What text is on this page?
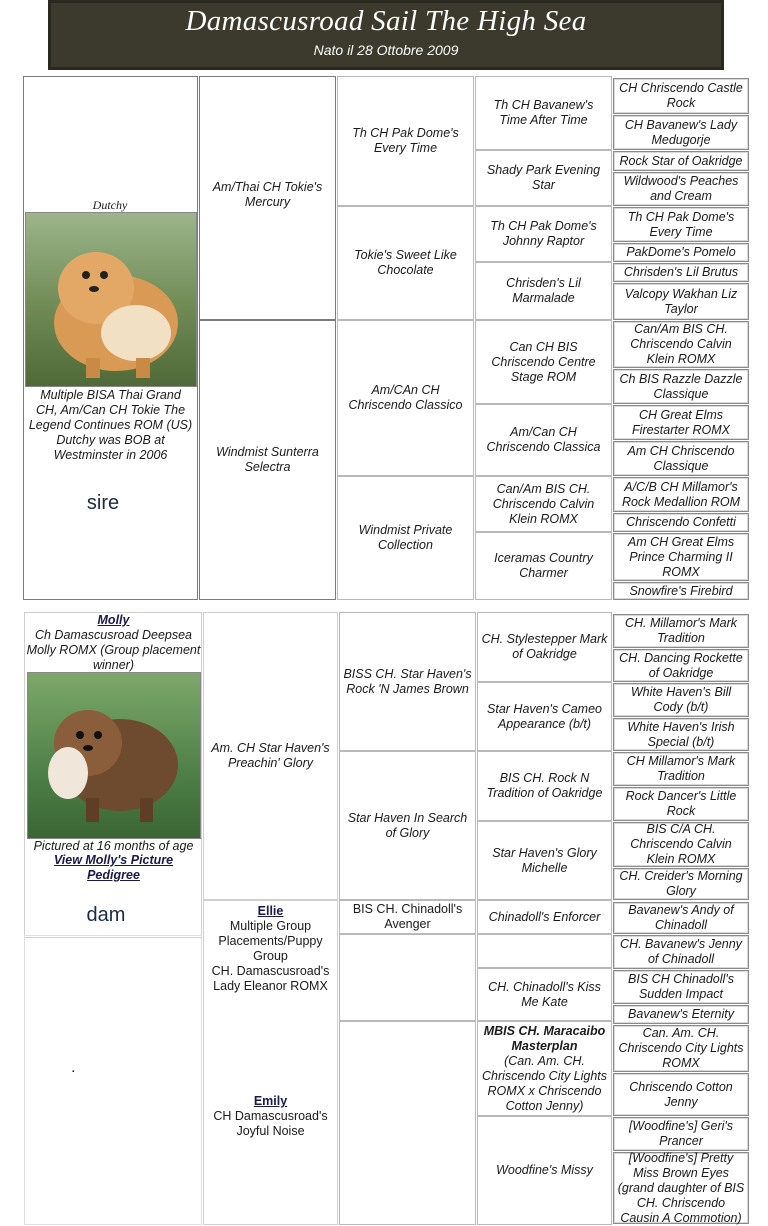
Damascusroad Sail The High Sea
Nato il 28 Ottobre 2009
Dutchy
Multiple BISA Thai Grand CH, Am/Can CH Tokie The Legend Continues ROM (US) Dutchy was BOB at Westminster in 2006
sire
Am/Thai CH Tokie's Mercury
Windmist Sunterra Selectra
Th CH Pak Dome's Every Time
Tokie's Sweet Like Chocolate
Am/CAn CH Chriscendo Classico
Windmist Private Collection
Th CH Bavanew's Time After Time
Shady Park Evening Star
Th CH Pak Dome's Johnny Raptor
Chrisden's Lil Marmalade
Can CH BIS Chriscendo Centre Stage ROM
Am/Can CH Chriscendo Classica
Can/Am BIS CH. Chriscendo Calvin Klein ROMX
Iceramas Country Charmer
CH Chriscendo Castle Rock
CH Bavanew's Lady Medugorje
Rock Star of Oakridge
Wildwood's Peaches and Cream
Th CH Pak Dome's Every Time
PakDome's Pomelo
Chrisden's Lil Brutus
Valcopy Wakhan Liz Taylor
Can/Am BIS CH. Chriscendo Calvin Klein ROMX
Ch BIS Razzle Dazzle Classique
CH Great Elms Firestarter ROMX
Am CH Chriscendo Classique
A/C/B CH Millamor's Rock Medallion ROM
Chriscendo Confetti
Am CH Great Elms Prince Charming II ROMX
Snowfire's Firebird
Molly
Ch Damascusroad Deepsea Molly ROMX (Group placement winner)
Pictured at 16 months of age
View Molly's Picture Pedigree
dam
Am. CH Star Haven's Preachin' Glory
BISS CH. Star Haven's Rock 'N James Brown
Star Haven In Search of Glory
CH. Stylestepper Mark of Oakridge
Star Haven's Cameo Appearance (b/t)
BIS CH. Rock N Tradition of Oakridge
Star Haven's Glory Michelle
CH. Millamor's Mark Tradition
CH. Dancing Rockette of Oakridge
White Haven's Bill Cody (b/t)
White Haven's Irish Special (b/t)
CH Millamor's Mark Tradition
Rock Dancer's Little Rock
BIS C/A CH. Chriscendo Calvin Klein ROMX
CH. Creider's Morning Glory
.
Ellie
Multiple Group Placements/Puppy Group
CH. Damascusroad's Lady Eleanor ROMX
Emily
CH Damascusroad's Joyful Noise
BIS CH. Chinadoll's Avenger
Chinadoll's Enforcer
CH. Chinadoll's Kiss Me Kate
MBIS CH. Maracaibo Masterplan
(Can. Am. CH. Chriscendo City Lights ROMX x Chriscendo Cotton Jenny)
Woodfine's Missy
Bavanew's Andy of Chinadoll
CH. Bavanew's Jenny of Chinadoll
BIS CH Chinadoll's Sudden Impact
Bavanew's Eternity
Can. Am. CH. Chriscendo City Lights ROMX
Chriscendo Cotton Jenny
[Woodfine's] Geri's Prancer
[Woodfine's] Pretty Miss Brown Eyes (grand daughter of BIS CH. Chriscendo Causin A Commotion)
